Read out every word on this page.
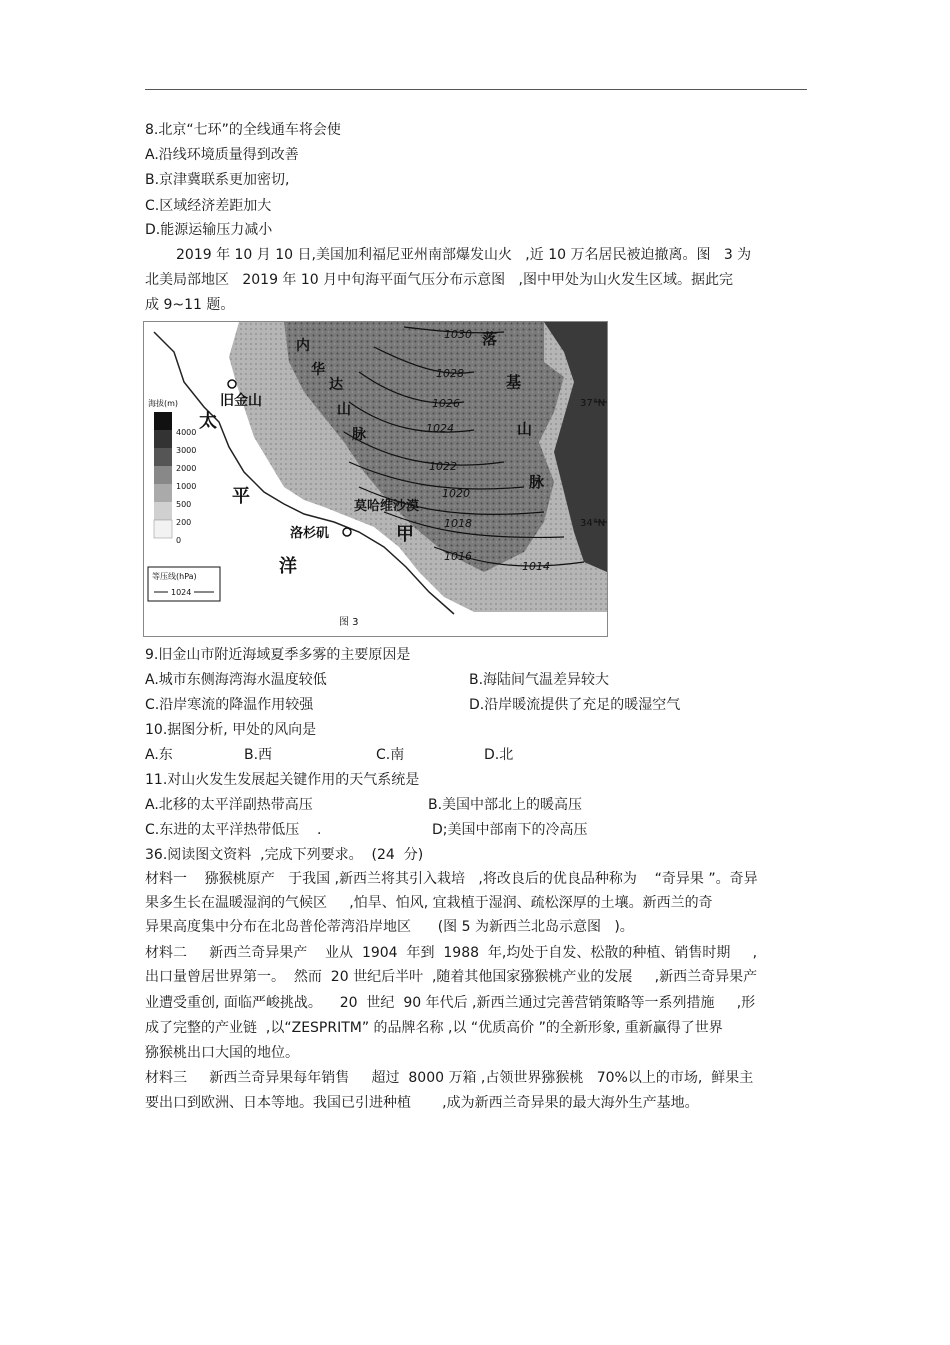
8.北京“七环”的全线通车将会使
A.沿线环境质量得到改善
B.京津冀联系更加密切,
C.区域经济差距加大
D.能源运输压力减小
2019 年 10 月 10 日,美国加利福尼亚州南部爆发山火   ,近 10 万名居民被迫撤离。图   3 为
北美局部地区   2019 年 10 月中旬海平面气压分布示意图   ,图中甲处为山火发生区域。据此完
成 9~11 题。
1030
1028
1026
1024
1022
1020
1018
1016
1014
37°N
34°N
旧金山
洛杉矶
莫哈维沙漠
甲
太
平
洋
内
华
达
山
脉
落
基
山
脉
海拔(m)
4000
3000
2000
1000
500
200
0
等压线(hPa)
1024
图 3
9.旧金山市附近海域夏季多雾的主要原因是
A.城市东侧海湾海水温度较低	B.海陆间气温差异较大
C.沿岸寒流的降温作用较强	D.沿岸暖流提供了充足的暖湿空气
10.据图分析, 甲处的风向是
A.东	B.西	C.南	D.北
11.对山火发生发展起关键作用的天气系统是
A.北移的太平洋副热带高压	B.美国中部北上的暖高压
C.东进的太平洋热带低压    .	D;美国中部南下的冷高压
36.阅读图文资料  ,完成下列要求。  (24  分)
材料一    猕猴桃原产   于我国 ,新西兰将其引入栽培   ,将改良后的优良品种称为    “奇异果 ”。奇异
果多生长在温暖湿润的气候区     ,怕旱、怕风, 宜栽植于湿润、疏松深厚的土壤。新西兰的奇
异果高度集中分布在北岛普伦蒂湾沿岸地区      (图 5 为新西兰北岛示意图   )。
材料二     新西兰奇异果产    业从  1904  年到  1988  年,均处于自发、松散的种植、销售时期     ,
出口量曾居世界第一。  然而  20 世纪后半叶  ,随着其他国家猕猴桃产业的发展     ,新西兰奇异果产
业遭受重创, 面临严峻挑战。    20  世纪  90 年代后 ,新西兰通过完善营销策略等一系列措施     ,形
成了完整的产业链  ,以“ZESPRITM” 的品牌名称 ,以 “优质高价 ”的全新形象, 重新赢得了世界
猕猴桃出口大国的地位。
材料三     新西兰奇异果每年销售     超过  8000 万箱 ,占领世界猕猴桃   70%以上的市场,  鲜果主
要出口到欧洲、日本等地。我国已引进种植       ,成为新西兰奇异果的最大海外生产基地。
